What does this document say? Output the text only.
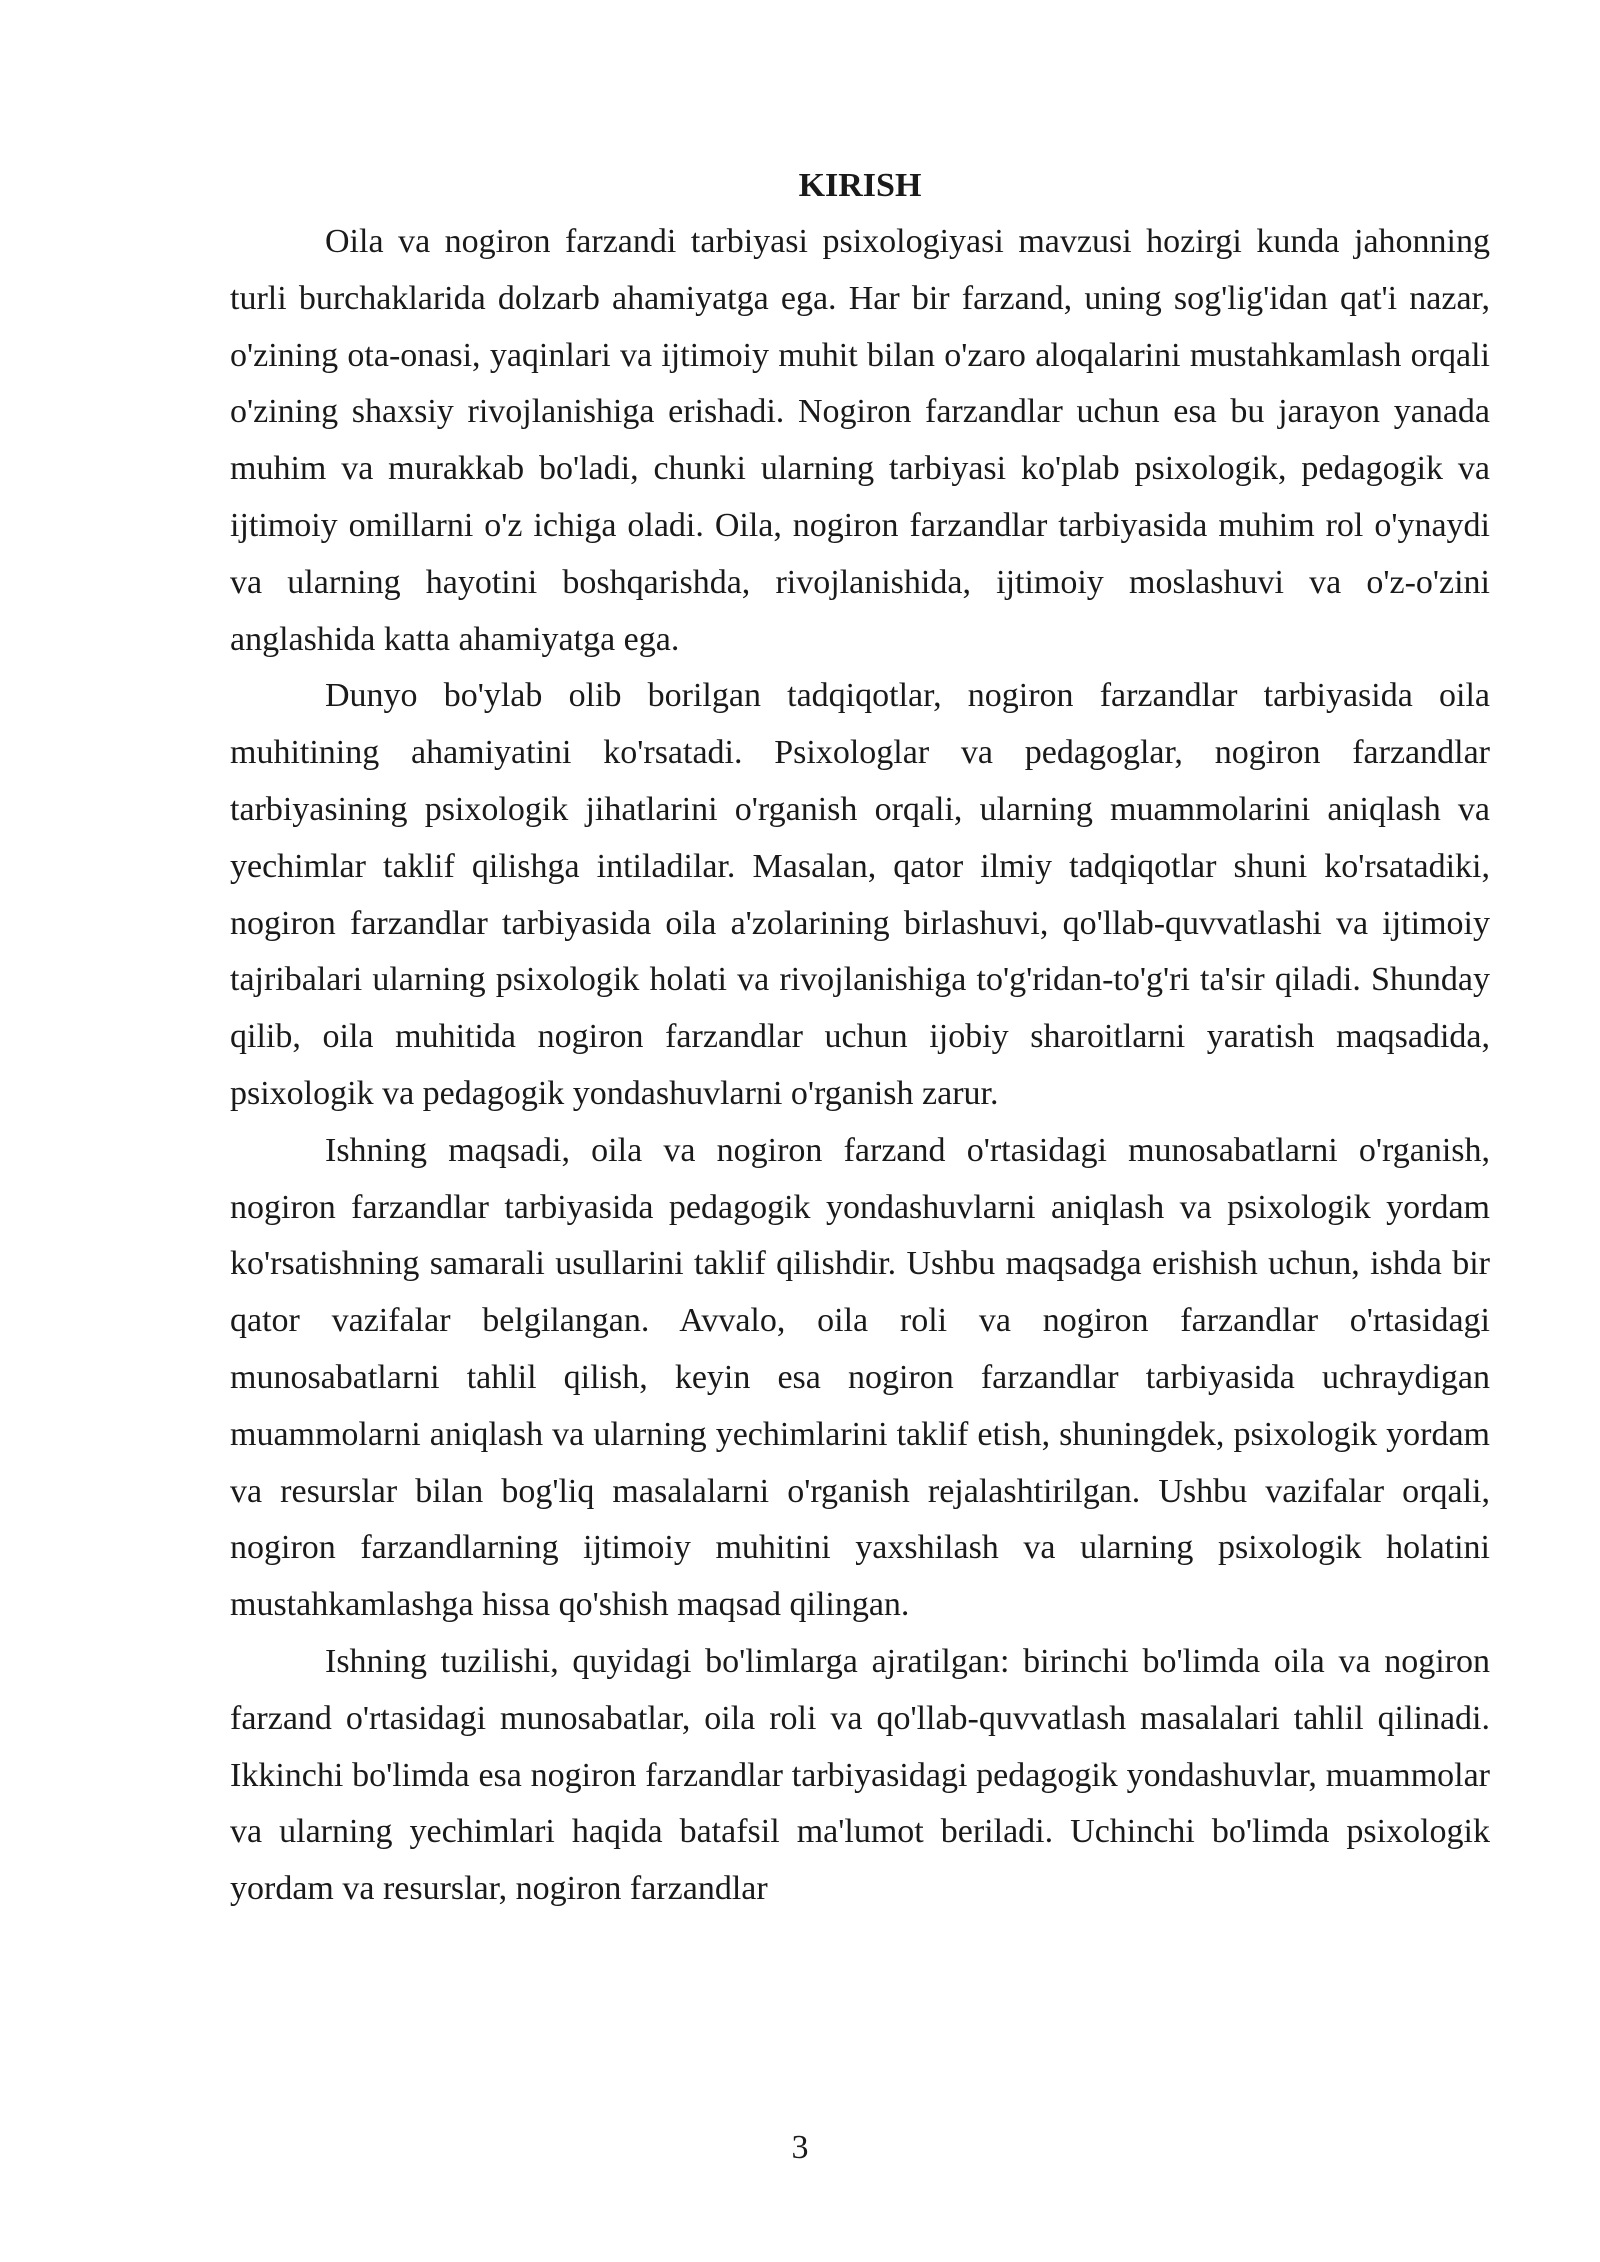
KIRISH

Oila va nogiron farzandi tarbiyasi psixologiyasi mavzusi hozirgi kunda jahonning turli burchaklarida dolzarb ahamiyatga ega. Har bir farzand, uning sog'lig'idan qat'i nazar, o'zining ota-onasi, yaqinlari va ijtimoiy muhit bilan o'zaro aloqalarini mustahkamlash orqali o'zining shaxsiy rivojlanishiga erishadi. Nogiron farzandlar uchun esa bu jarayon yanada muhim va murakkab bo'ladi, chunki ularning tarbiyasi ko'plab psixologik, pedagogik va ijtimoiy omillarni o'z ichiga oladi. Oila, nogiron farzandlar tarbiyasida muhim rol o'ynaydi va ularning hayotini boshqarishda, rivojlanishida, ijtimoiy moslashuvi va o'z-o'zini anglashida katta ahamiyatga ega.

Dunyo bo'ylab olib borilgan tadqiqotlar, nogiron farzandlar tarbiyasida oila muhitining ahamiyatini ko'rsatadi. Psixologlar va pedagoglar, nogiron farzandlar tarbiyasining psixologik jihatlarini o'rganish orqali, ularning muammolarini aniqlash va yechimlar taklif qilishga intiladilar. Masalan, qator ilmiy tadqiqotlar shuni ko'rsatadiki, nogiron farzandlar tarbiyasida oila a'zolarining birlashuvi, qo'llab-quvvatlashi va ijtimoiy tajribalari ularning psixologik holati va rivojlanishiga to'g'ridan-to'g'ri ta'sir qiladi. Shunday qilib, oila muhitida nogiron farzandlar uchun ijobiy sharoitlarni yaratish maqsadida, psixologik va pedagogik yondashuvlarni o'rganish zarur.

Ishning maqsadi, oila va nogiron farzand o'rtasidagi munosabatlarni o'rganish, nogiron farzandlar tarbiyasida pedagogik yondashuvlarni aniqlash va psixologik yordam ko'rsatishning samarali usullarini taklif qilishdir. Ushbu maqsadga erishish uchun, ishda bir qator vazifalar belgilangan. Avvalo, oila roli va nogiron farzandlar o'rtasidagi munosabatlarni tahlil qilish, keyin esa nogiron farzandlar tarbiyasida uchraydigan muammolarni aniqlash va ularning yechimlarini taklif etish, shuningdek, psixologik yordam va resurslar bilan bog'liq masalalarni o'rganish rejalashtirilgan. Ushbu vazifalar orqali, nogiron farzandlarning ijtimoiy muhitini yaxshilash va ularning psixologik holatini mustahkamlashga hissa qo'shish maqsad qilingan.

Ishning tuzilishi, quyidagi bo'limlarga ajratilgan: birinchi bo'limda oila va nogiron farzand o'rtasidagi munosabatlar, oila roli va qo'llab-quvvatlash masalalari tahlil qilinadi. Ikkinchi bo'limda esa nogiron farzandlar tarbiyasidagi pedagogik yondashuvlar, muammolar va ularning yechimlari haqida batafsil ma'lumot beriladi. Uchinchi bo'limda psixologik yordam va resurslar, nogiron farzandlar

3
